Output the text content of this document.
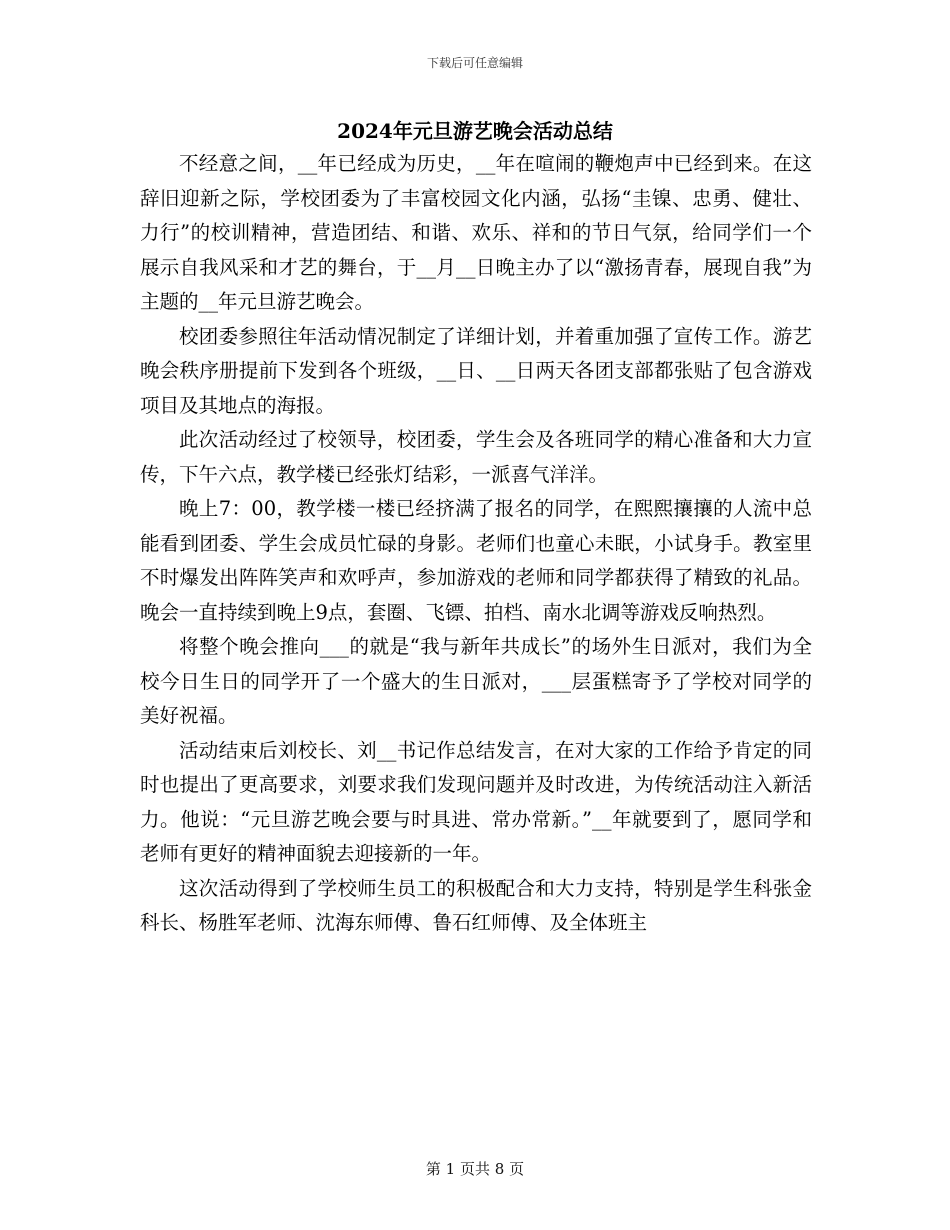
下载后可任意编辑
2024年元旦游艺晚会活动总结

不经意之间，__年已经成为历史，__年在喧闹的鞭炮声中已经到来。在这辞旧迎新之际，学校团委为了丰富校园文化内涵，弘扬“圭镍、忠勇、健壮、力行”的校训精神，营造团结、和谐、欢乐、祥和的节日气氛，给同学们一个展示自我风采和才艺的舞台，于__月__日晚主办了以“激扬青春，展现自我”为主题的__年元旦游艺晚会。

校团委参照往年活动情况制定了详细计划，并着重加强了宣传工作。游艺晚会秩序册提前下发到各个班级，__日、__日两天各团支部都张贴了包含游戏项目及其地点的海报。

此次活动经过了校领导，校团委，学生会及各班同学的精心准备和大力宣传，下午六点，教学楼已经张灯结彩，一派喜气洋洋。

晚上7：00，教学楼一楼已经挤满了报名的同学，在熙熙攘攘的人流中总能看到团委、学生会成员忙碌的身影。老师们也童心未眠，小试身手。教室里不时爆发出阵阵笑声和欢呼声，参加游戏的老师和同学都获得了精致的礼品。晚会一直持续到晚上9点，套圈、飞镖、拍档、南水北调等游戏反响热烈。

将整个晚会推向___的就是“我与新年共成长”的场外生日派对，我们为全校今日生日的同学开了一个盛大的生日派对，___层蛋糕寄予了学校对同学的美好祝福。

活动结束后刘校长、刘__书记作总结发言，在对大家的工作给予肯定的同时也提出了更高要求，刘要求我们发现问题并及时改进，为传统活动注入新活力。他说：“元旦游艺晚会要与时具进、常办常新。”__年就要到了，愿同学和老师有更好的精神面貌去迎接新的一年。

这次活动得到了学校师生员工的积极配合和大力支持，特别是学生科张金科长、杨胜军老师、沈海东师傅、鲁石红师傅、及全体班主

第 1 页共 8 页
